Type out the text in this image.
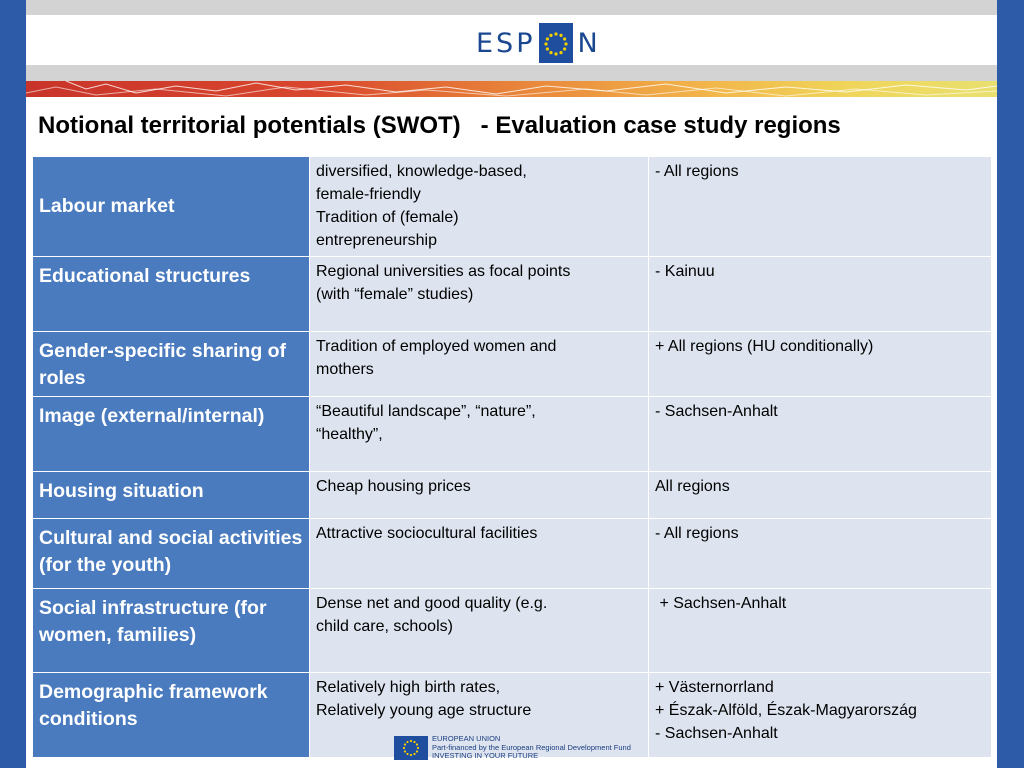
ESP N
Notional territorial potentials (SWOT)   - Evaluation case study regions
Labour market	diversified, knowledge-based,
female-friendly
Tradition of (female)
entrepreneurship	- All regions

Educational structures	Regional universities as focal points
(with “female” studies)	- Kainuu

Gender-specific sharing of roles	Tradition of employed women and
mothers	+ All regions (HU conditionally)

Image (external/internal)	“Beautiful landscape”, “nature”,
“healthy”,	- Sachsen-Anhalt

Housing situation	Cheap housing prices	All regions

Cultural and social activities (for the youth)	Attractive sociocultural facilities	- All regions

Social infrastructure (for women, families)	Dense net and good quality (e.g.
child care, schools)	+ Sachsen-Anhalt

Demographic framework conditions	Relatively high birth rates,
Relatively young age structure	+ Västernorrland
+ Észak-Alföld, Észak-Magyarország
- Sachsen-Anhalt
EUROPEAN UNION
Part-financed by the European Regional Development Fund
INVESTING IN YOUR FUTURE
